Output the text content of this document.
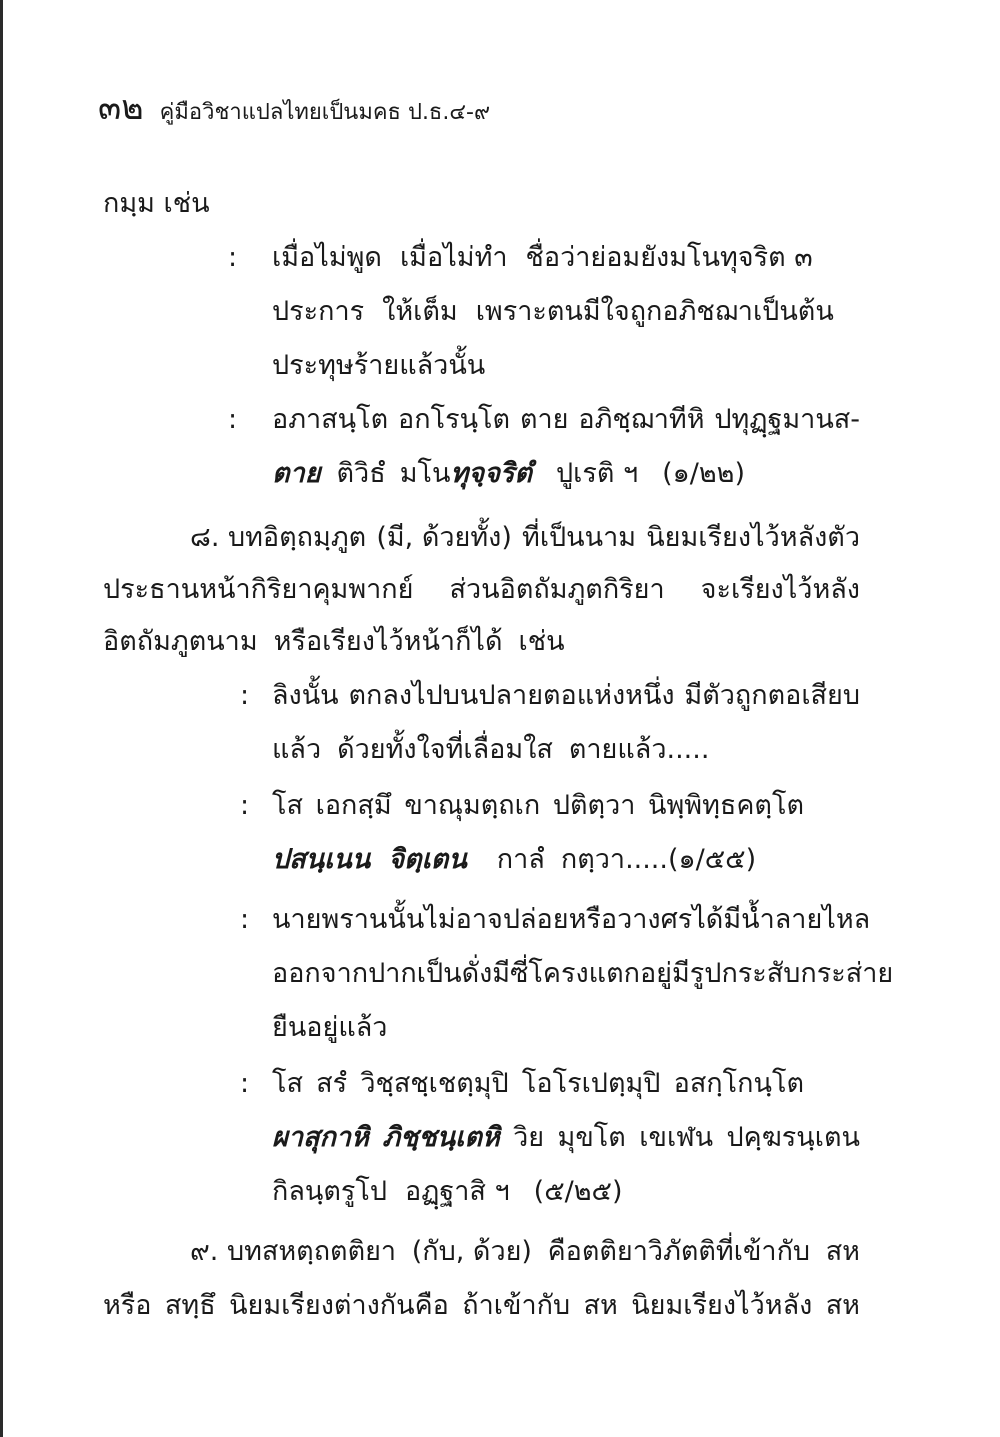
๓๒ คู่มือวิชาแปลไทยเป็นมคธ ป.ธ.๔-๙
กมฺม เช่น
: เมื่อไม่พูด เมื่อไม่ทำ ชื่อว่าย่อมยังมโนทุจริต ๓
ประการ ให้เต็ม เพราะตนมีใจถูกอภิชฌาเป็นต้น
ประทุษร้ายแล้วนั้น
: อภาสนฺโต อกโรนฺโต ตาย อภิชฺฌาทีหิ ปทุฏฺฐมานส-
ตาย ติวิธํ มโน ทุจฺจริตํ ปูเรติ ฯ (๑/๒๒)
๘. บทอิตฺถมฺภูต (มี, ด้วยทั้ง) ที่เป็นนาม นิยมเรียงไว้หลังตัว
ประธานหน้ากิริยาคุมพากย์ ส่วนอิตถัมภูตกิริยา จะเรียงไว้หลัง
อิตถัมภูตนาม หรือเรียงไว้หน้าก็ได้ เช่น
: ลิงนั้น ตกลงไปบนปลายตอแห่งหนึ่ง มีตัวถูกตอเสียบ
แล้ว ด้วยทั้งใจที่เลื่อมใส ตายแล้ว.....
: โส เอกสฺมึ ขาณุมตฺถเก ปติตฺวา นิพฺพิทฺธคตฺโต
ปสนฺเนน จิตฺเตน กาลํ กตฺวา.....(๑/๕๕)
: นายพรานนั้นไม่อาจปล่อยหรือวางศรได้ มีน้ำลายไหล
ออกจากปาก เป็นดั่งมีซี่โครงแตกอยู่มีรูปกระสับกระส่าย
ยืนอยู่แล้ว
: โส สรํ วิชฺสชฺเชตฺมุปิ โอโรเปตฺมุปิ อสกฺโกนฺโต
ผาสุกาหิ ภิชฺชนฺเตหิ วิย มุขโต เขเฬน ปคฺฆรนฺเตน
กิลนฺตรูโป อฏฺฐาสิ ฯ (๕/๒๕)
๙. บทสหตฺถตติยา (กับ, ด้วย) คือตติยาวิภัตติที่เข้ากับ สห
หรือ สทฺธึ นิยมเรียงต่างกันคือ ถ้าเข้ากับ สห นิยมเรียงไว้หลัง สห
